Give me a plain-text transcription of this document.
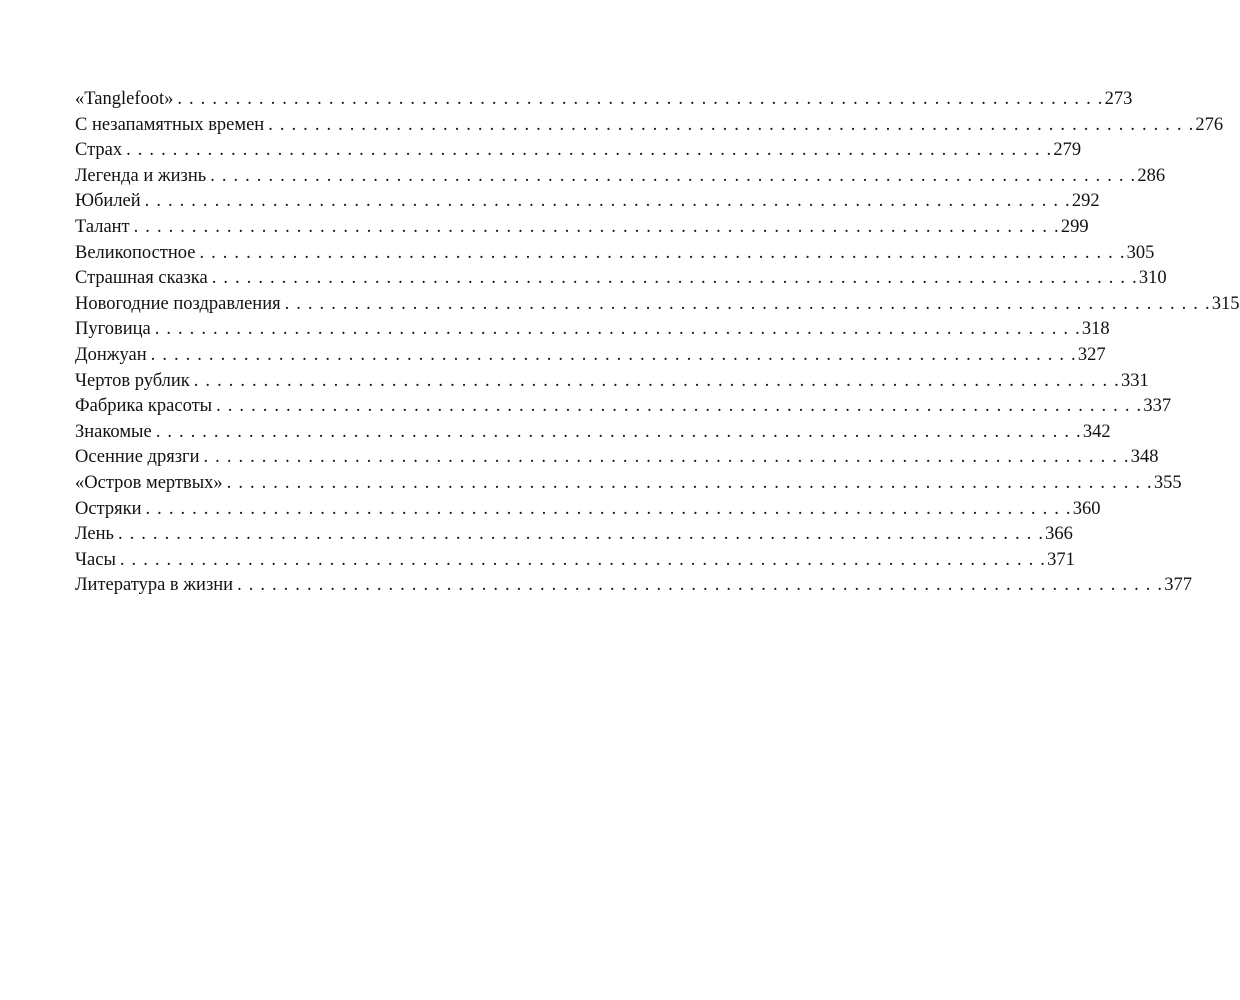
«Tanglefoot» . . . . . . . . . . . . . . . . . . . . . . . . . . . . . . . . . . . . . . . . . . . . . . . . . . . . . . . . . . . . . . . . . . . . . . . . . . . . . . . . 273
С незапамятных времен . . . . . . . . . . . . . . . . . . . . . . . . . . . . . . . . . . . . . . . . . . . . . . . . . . . . . . . . . . . . . . . . . . . . . . . . . . . . . . . . 276
Страх . . . . . . . . . . . . . . . . . . . . . . . . . . . . . . . . . . . . . . . . . . . . . . . . . . . . . . . . . . . . . . . . . . . . . . . . . . . . . . . . 279
Легенда и жизнь . . . . . . . . . . . . . . . . . . . . . . . . . . . . . . . . . . . . . . . . . . . . . . . . . . . . . . . . . . . . . . . . . . . . . . . . . . . . . . . . 286
Юбилей . . . . . . . . . . . . . . . . . . . . . . . . . . . . . . . . . . . . . . . . . . . . . . . . . . . . . . . . . . . . . . . . . . . . . . . . . . . . . . . . 292
Талант . . . . . . . . . . . . . . . . . . . . . . . . . . . . . . . . . . . . . . . . . . . . . . . . . . . . . . . . . . . . . . . . . . . . . . . . . . . . . . . . 299
Великопостное . . . . . . . . . . . . . . . . . . . . . . . . . . . . . . . . . . . . . . . . . . . . . . . . . . . . . . . . . . . . . . . . . . . . . . . . . . . . . . . . 305
Страшная сказка . . . . . . . . . . . . . . . . . . . . . . . . . . . . . . . . . . . . . . . . . . . . . . . . . . . . . . . . . . . . . . . . . . . . . . . . . . . . . . . . 310
Новогодние поздравления . . . . . . . . . . . . . . . . . . . . . . . . . . . . . . . . . . . . . . . . . . . . . . . . . . . . . . . . . . . . . . . . . . . . . . . . . . . . . . . . 315
Пуговица . . . . . . . . . . . . . . . . . . . . . . . . . . . . . . . . . . . . . . . . . . . . . . . . . . . . . . . . . . . . . . . . . . . . . . . . . . . . . . . . 318
Донжуан . . . . . . . . . . . . . . . . . . . . . . . . . . . . . . . . . . . . . . . . . . . . . . . . . . . . . . . . . . . . . . . . . . . . . . . . . . . . . . . . 327
Чертов рублик . . . . . . . . . . . . . . . . . . . . . . . . . . . . . . . . . . . . . . . . . . . . . . . . . . . . . . . . . . . . . . . . . . . . . . . . . . . . . . . . 331
Фабрика красоты . . . . . . . . . . . . . . . . . . . . . . . . . . . . . . . . . . . . . . . . . . . . . . . . . . . . . . . . . . . . . . . . . . . . . . . . . . . . . . . . 337
Знакомые . . . . . . . . . . . . . . . . . . . . . . . . . . . . . . . . . . . . . . . . . . . . . . . . . . . . . . . . . . . . . . . . . . . . . . . . . . . . . . . . 342
Осенние дрязги . . . . . . . . . . . . . . . . . . . . . . . . . . . . . . . . . . . . . . . . . . . . . . . . . . . . . . . . . . . . . . . . . . . . . . . . . . . . . . . . 348
«Остров мертвых» . . . . . . . . . . . . . . . . . . . . . . . . . . . . . . . . . . . . . . . . . . . . . . . . . . . . . . . . . . . . . . . . . . . . . . . . . . . . . . . . 355
Остряки . . . . . . . . . . . . . . . . . . . . . . . . . . . . . . . . . . . . . . . . . . . . . . . . . . . . . . . . . . . . . . . . . . . . . . . . . . . . . . . . 360
Лень . . . . . . . . . . . . . . . . . . . . . . . . . . . . . . . . . . . . . . . . . . . . . . . . . . . . . . . . . . . . . . . . . . . . . . . . . . . . . . . . 366
Часы . . . . . . . . . . . . . . . . . . . . . . . . . . . . . . . . . . . . . . . . . . . . . . . . . . . . . . . . . . . . . . . . . . . . . . . . . . . . . . . . 371
Литература в жизни . . . . . . . . . . . . . . . . . . . . . . . . . . . . . . . . . . . . . . . . . . . . . . . . . . . . . . . . . . . . . . . . . . . . . . . . . . . . . . . . 377
